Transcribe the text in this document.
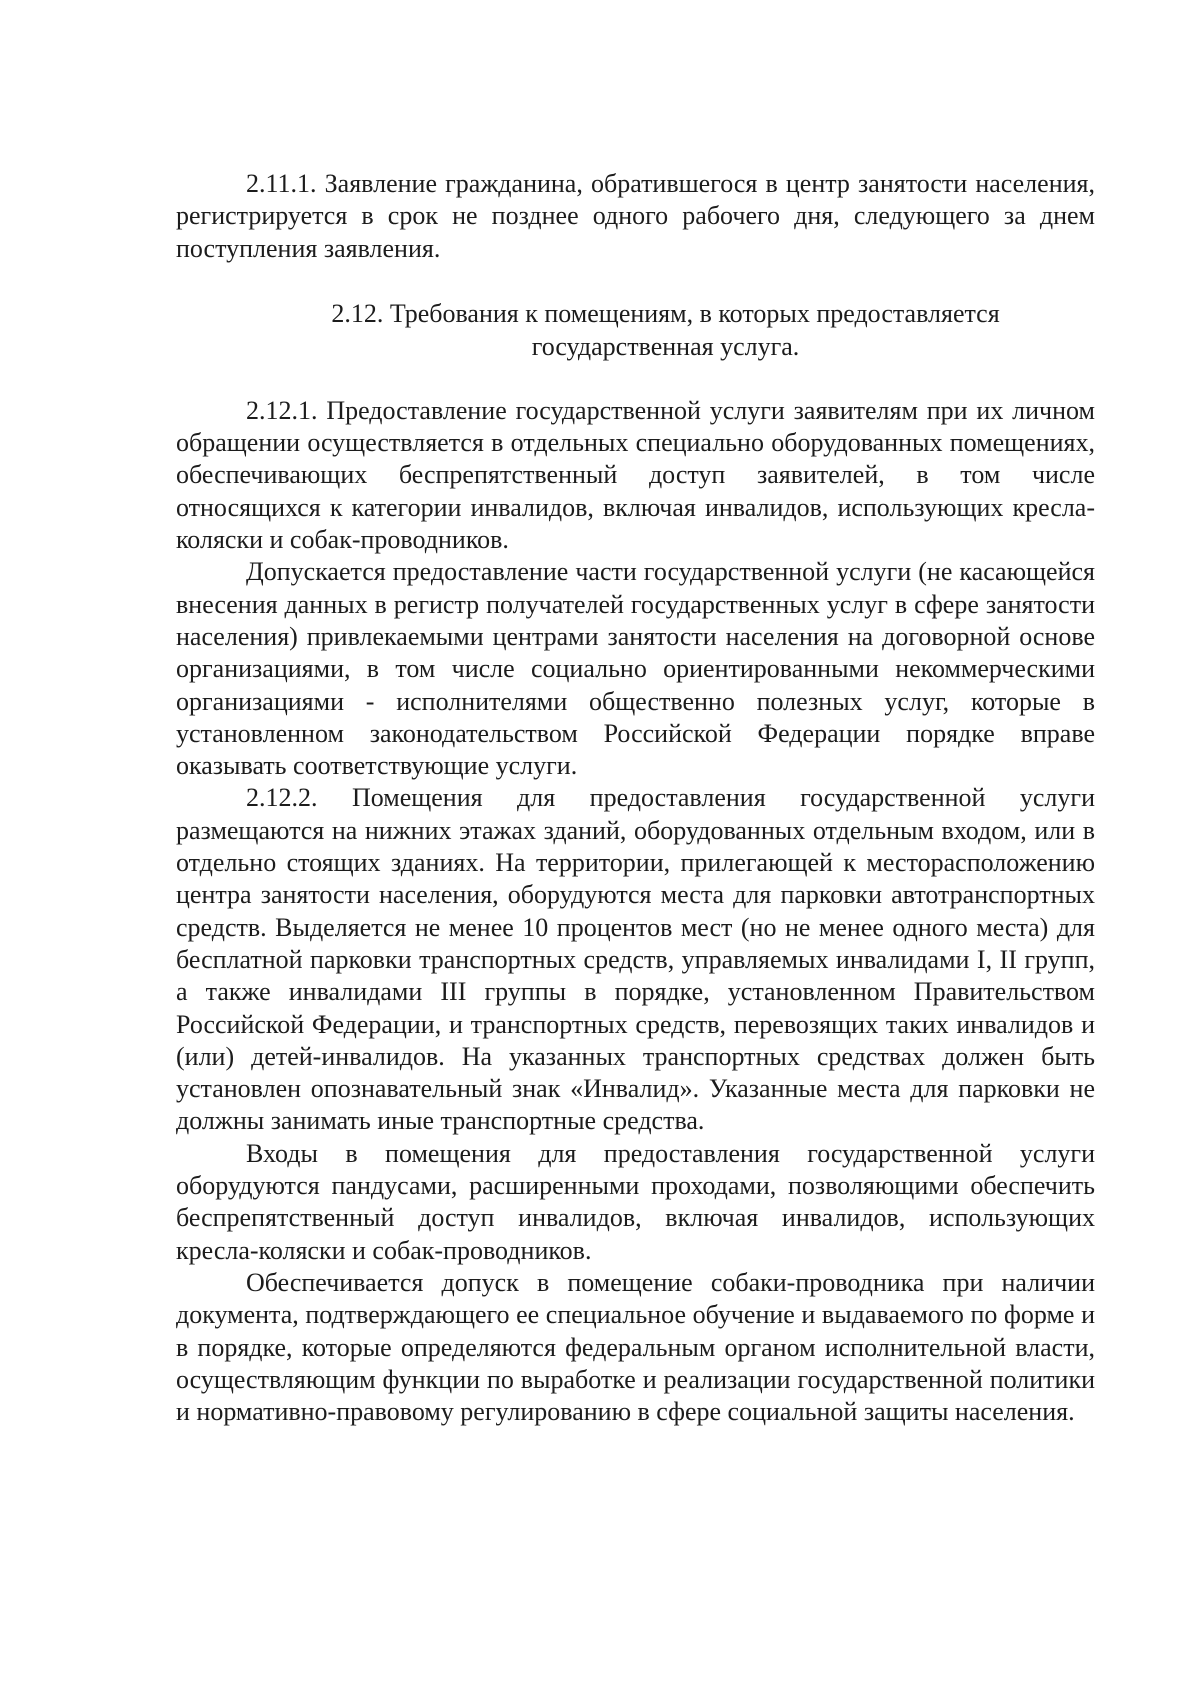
2.11.1. Заявление гражданина, обратившегося в центр занятости населения, регистрируется в срок не позднее одного рабочего дня, следующего за днем поступления заявления.

2.12. Требования к помещениям, в которых предоставляется
государственная услуга.

2.12.1. Предоставление государственной услуги заявителям при их личном обращении осуществляется в отдельных специально оборудованных помещениях, обеспечивающих беспрепятственный доступ заявителей, в том числе относящихся к категории инвалидов, включая инвалидов, использующих кресла-коляски и собак-проводников.

Допускается предоставление части государственной услуги (не касающейся внесения данных в регистр получателей государственных услуг в сфере занятости населения) привлекаемыми центрами занятости населения на договорной основе организациями, в том числе социально ориентированными некоммерческими организациями - исполнителями общественно полезных услуг, которые в установленном законодательством Российской Федерации порядке вправе оказывать соответствующие услуги.

2.12.2. Помещения для предоставления государственной услуги размещаются на нижних этажах зданий, оборудованных отдельным входом, или в отдельно стоящих зданиях. На территории, прилегающей к месторасположению центра занятости населения, оборудуются места для парковки автотранспортных средств. Выделяется не менее 10 процентов мест (но не менее одного места) для бесплатной парковки транспортных средств, управляемых инвалидами I, II групп, а также инвалидами III группы в порядке, установленном Правительством Российской Федерации, и транспортных средств, перевозящих таких инвалидов и (или) детей-инвалидов. На указанных транспортных средствах должен быть установлен опознавательный знак «Инвалид». Указанные места для парковки не должны занимать иные транспортные средства.

Входы в помещения для предоставления государственной услуги оборудуются пандусами, расширенными проходами, позволяющими обеспечить беспрепятственный доступ инвалидов, включая инвалидов, использующих кресла-коляски и собак-проводников.

Обеспечивается допуск в помещение собаки-проводника при наличии документа, подтверждающего ее специальное обучение и выдаваемого по форме и в порядке, которые определяются федеральным органом исполнительной власти, осуществляющим функции по выработке и реализации государственной политики и нормативно-правовому регулированию в сфере социальной защиты населения.
